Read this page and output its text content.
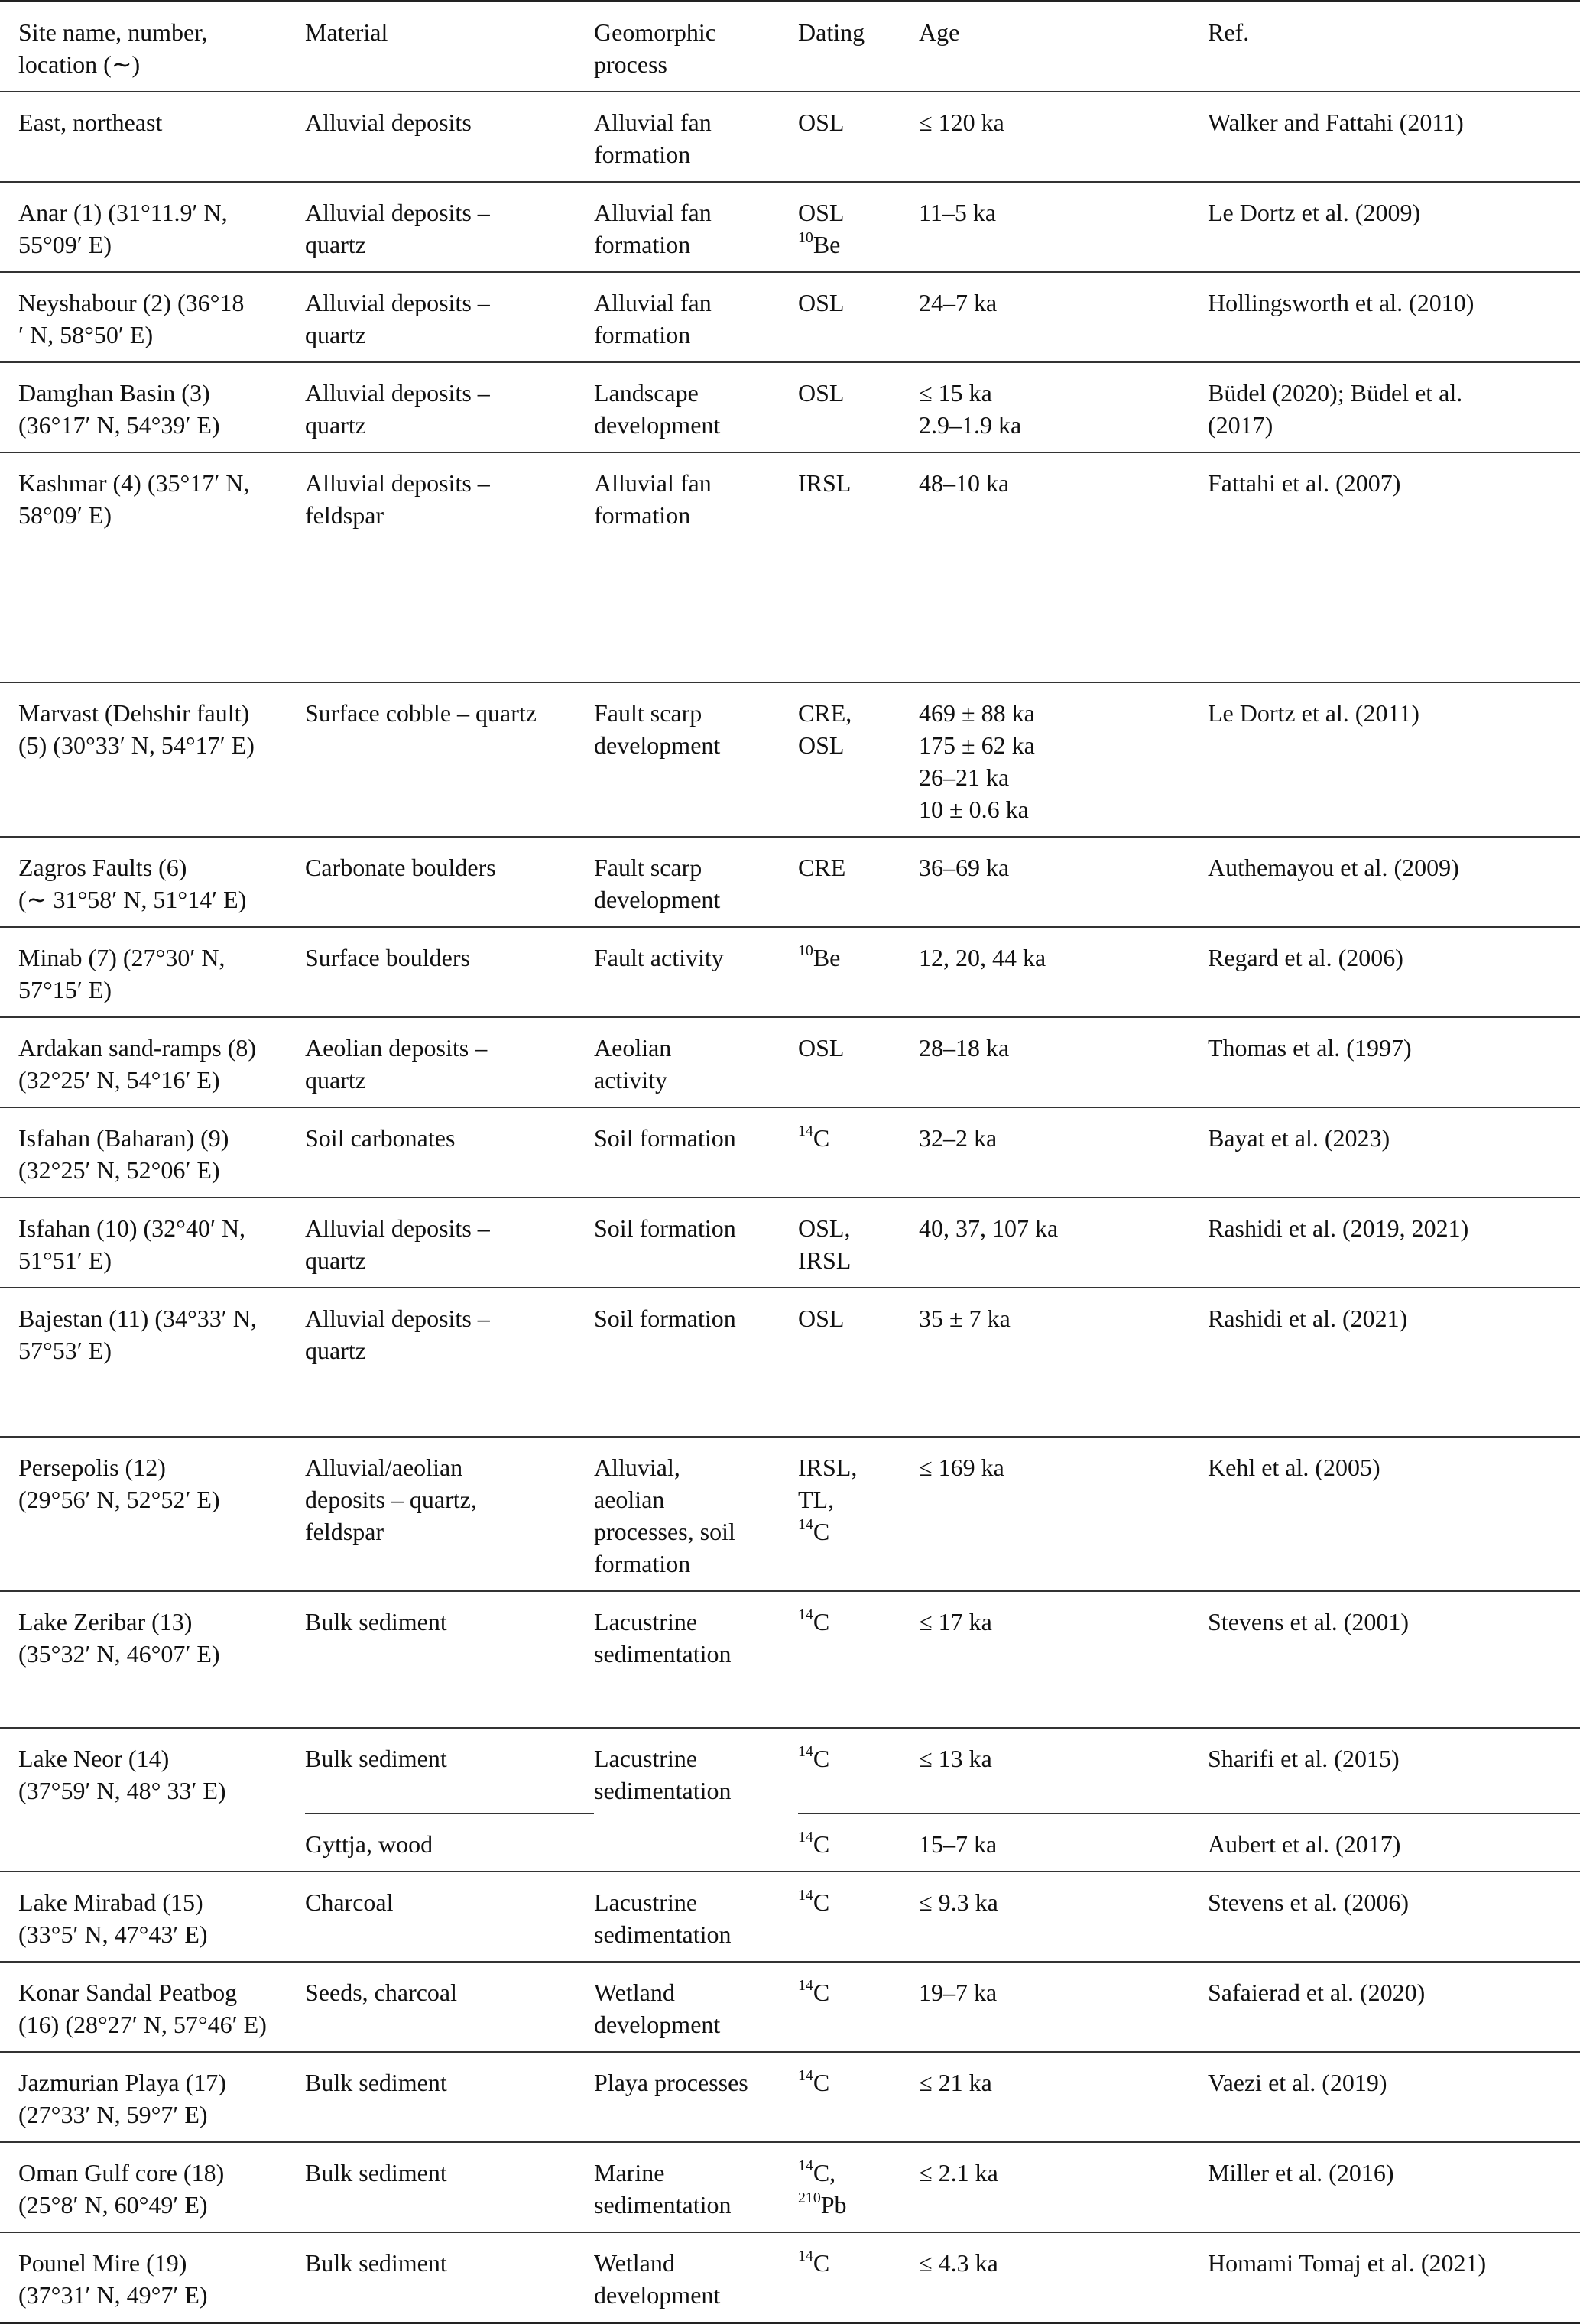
Site name, number,
location (∼)	Material	Geomorphic
process	Dating	Age	Ref.

East, northeast	Alluvial deposits	Alluvial fan
formation	OSL	≤ 120 ka	Walker and Fattahi (2011)

Anar (1) (31°11.9′ N,
55°09′ E)	Alluvial deposits –
quartz	Alluvial fan
formation	OSL
$^{10}$Be	11–5 ka	Le Dortz et al. (2009)

Neyshabour (2) (36°18
′ N, 58°50′ E)	Alluvial deposits –
quartz	Alluvial fan
formation	OSL	24–7 ka	Hollingsworth et al. (2010)

Damghan Basin (3)
(36°17′ N, 54°39′ E)	Alluvial deposits –
quartz	Landscape
development	OSL	≤ 15 ka
2.9–1.9 ka	Büdel (2020); Büdel et al.
(2017)

Kashmar (4) (35°17′ N,
58°09′ E)	Alluvial deposits –
feldspar	Alluvial fan
formation	IRSL	48–10 ka	Fattahi et al. (2007)

Marvast (Dehshir fault)
(5) (30°33′ N, 54°17′ E)	Surface cobble – quartz	Fault scarp
development	CRE,
OSL	469 ± 88 ka
175 ± 62 ka
26–21 ka
10 ± 0.6 ka	Le Dortz et al. (2011)

Zagros Faults (6)
(∼ 31°58′ N, 51°14′ E)	Carbonate boulders	Fault scarp
development	CRE	36–69 ka	Authemayou et al. (2009)

Minab (7) (27°30′ N,
57°15′ E)	Surface boulders	Fault activity	$^{10}$Be	12, 20, 44 ka	Regard et al. (2006)

Ardakan sand-ramps (8)
(32°25′ N, 54°16′ E)	Aeolian deposits –
quartz	Aeolian
activity	OSL	28–18 ka	Thomas et al. (1997)

Isfahan (Baharan) (9)
(32°25′ N, 52°06′ E)	Soil carbonates	Soil formation	$^{14}$C	32–2 ka	Bayat et al. (2023)

Isfahan (10) (32°40′ N,
51°51′ E)	Alluvial deposits –
quartz	Soil formation	OSL,
IRSL	40, 37, 107 ka	Rashidi et al. (2019, 2021)

Bajestan (11) (34°33′ N,
57°53′ E)	Alluvial deposits –
quartz	Soil formation	OSL	35 ± 7 ka	Rashidi et al. (2021)

Persepolis (12)
(29°56′ N, 52°52′ E)	Alluvial/aeolian
deposits – quartz,
feldspar	Alluvial,
aeolian
processes, soil
formation	IRSL,
TL,
$^{14}$C	≤ 169 ka	Kehl et al. (2005)

Lake Zeribar (13)
(35°32′ N, 46°07′ E)	Bulk sediment	Lacustrine
sedimentation	$^{14}$C	≤ 17 ka	Stevens et al. (2001)

Lake Neor (14)
(37°59′ N, 48° 33′ E)	Bulk sediment	Lacustrine
sedimentation	$^{14}$C	≤ 13 ka	Sharifi et al. (2015)

	Gyttja, wood		$^{14}$C	15–7 ka	Aubert et al. (2017)

Lake Mirabad (15)
(33°5′ N, 47°43′ E)	Charcoal	Lacustrine
sedimentation	$^{14}$C	≤ 9.3 ka	Stevens et al. (2006)

Konar Sandal Peatbog
(16) (28°27′ N, 57°46′ E)	Seeds, charcoal	Wetland
development	$^{14}$C	19–7 ka	Safaierad et al. (2020)

Jazmurian Playa (17)
(27°33′ N, 59°7′ E)	Bulk sediment	Playa processes	$^{14}$C	≤ 21 ka	Vaezi et al. (2019)

Oman Gulf core (18)
(25°8′ N, 60°49′ E)	Bulk sediment	Marine
sedimentation	$^{14}$C,
$^{210}$Pb	≤ 2.1 ka	Miller et al. (2016)

Pounel Mire (19)
(37°31′ N, 49°7′ E)	Bulk sediment	Wetland
development	$^{14}$C	≤ 4.3 ka	Homami Tomaj et al. (2021)
